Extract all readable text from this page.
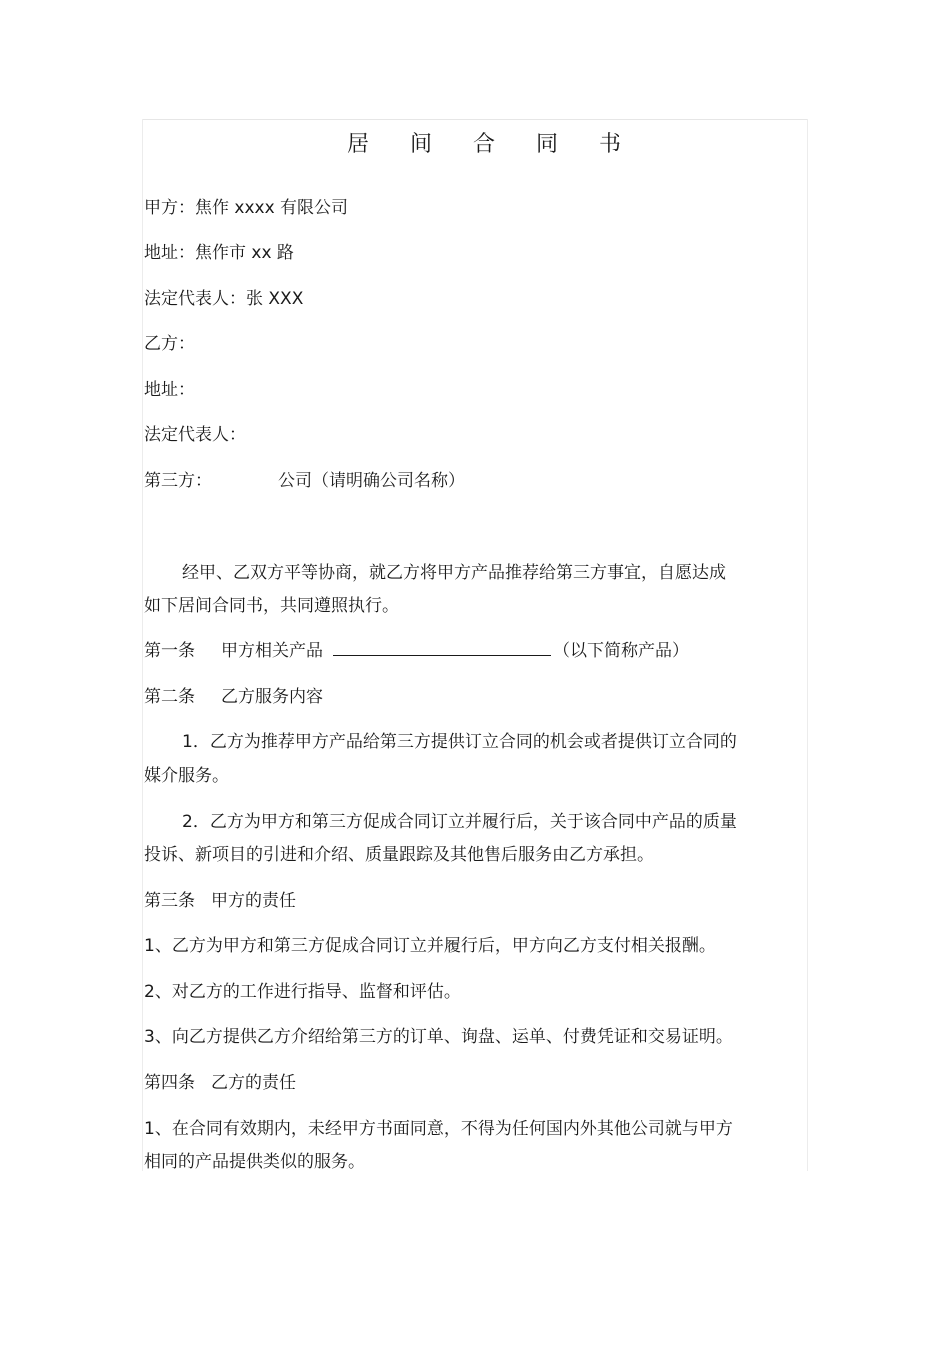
居 间 合 同 书
甲方：焦作 xxxx 有限公司
地址：焦作市 xx 路
法定代表人：张 XXX
乙方：
地址：
法定代表人：
第三方：	公司（请明确公司名称）
经甲、乙双方平等协商，就乙方将甲方产品推荐给第三方事宜，自愿达成
如下居间合同书，共同遵照执行。
第一条 甲方相关产品	（以下简称产品）
第二条 乙方服务内容
1．乙方为推荐甲方产品给第三方提供订立合同的机会或者提供订立合同的
媒介服务。
2．乙方为甲方和第三方促成合同订立并履行后，关于该合同中产品的质量
投诉、新项目的引进和介绍、质量跟踪及其他售后服务由乙方承担。
第三条 甲方的责任
1、乙方为甲方和第三方促成合同订立并履行后，甲方向乙方支付相关报酬。
2、对乙方的工作进行指导、监督和评估。
3、向乙方提供乙方介绍给第三方的订单、询盘、运单、付费凭证和交易证明。
第四条 乙方的责任
1、在合同有效期内，未经甲方书面同意，不得为任何国内外其他公司就与甲方
相同的产品提供类似的服务。
